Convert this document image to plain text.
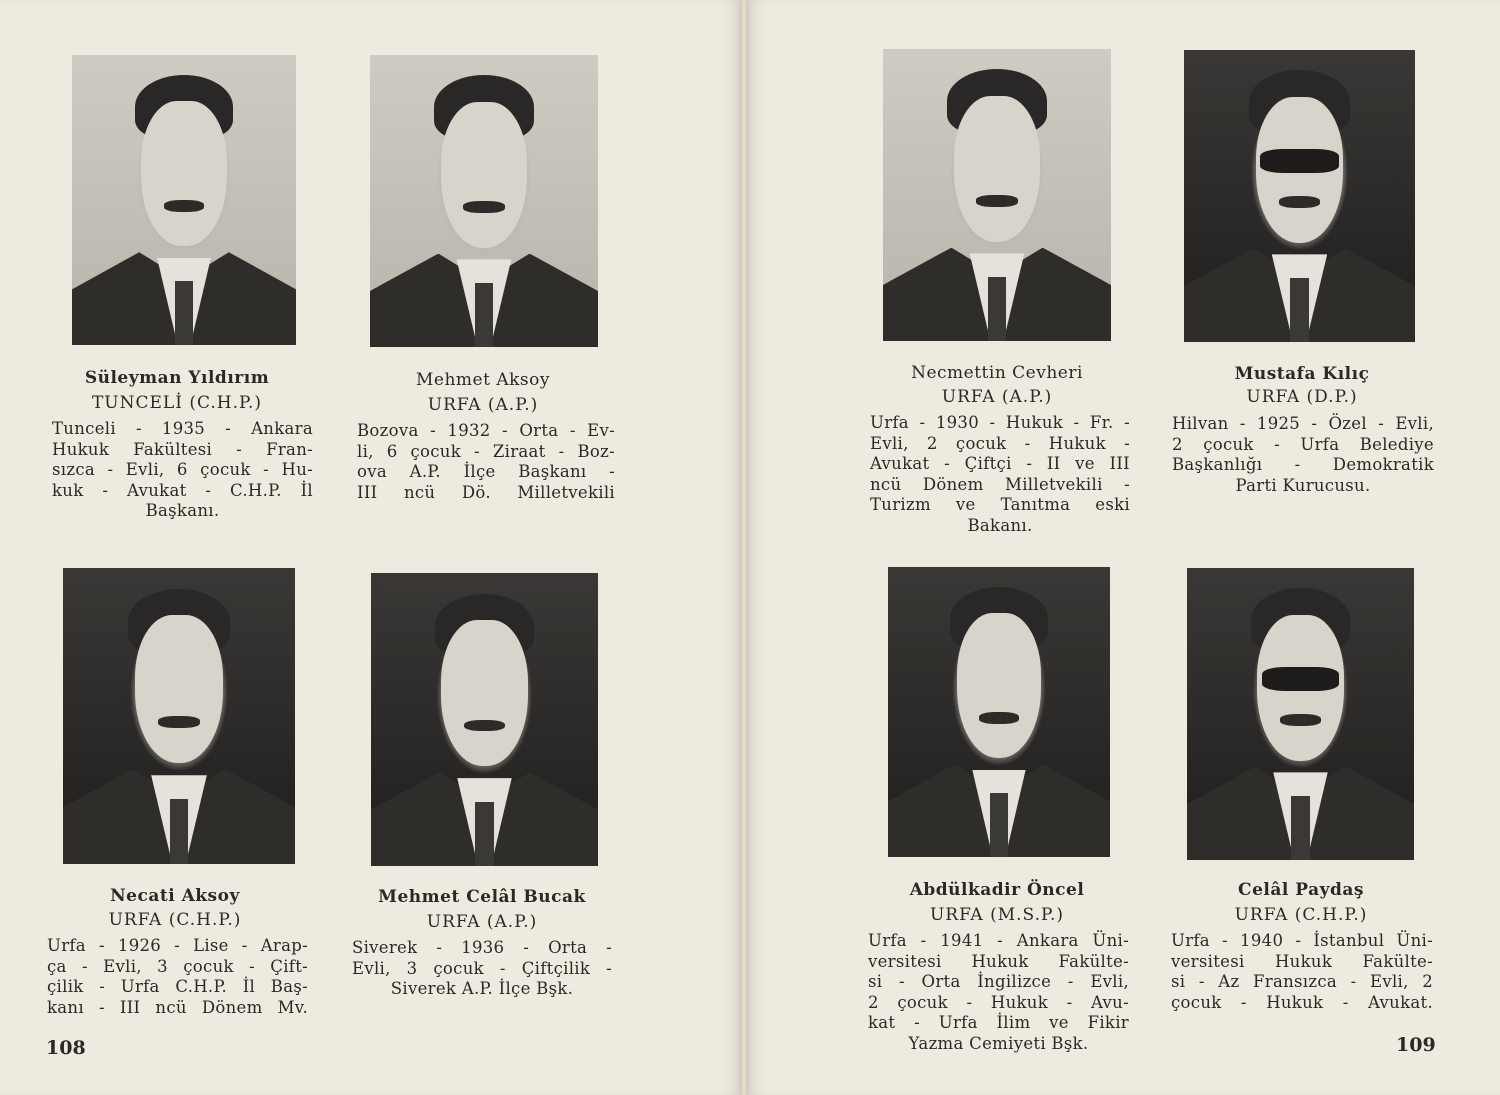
Süleyman Yıldırım
TUNCELİ (C.H.P.)
Tunceli - 1935 - Ankara
Hukuk Fakültesi - Fran-
sızca - Evli, 6 çocuk - Hu-
kuk - Avukat - C.H.P. İl
Başkanı.
Mehmet Aksoy
URFA (A.P.)
Bozova - 1932 - Orta - Ev-
li, 6 çocuk - Ziraat - Boz-
ova A.P. İlçe Başkanı -
III ncü Dö. Milletvekili
Necati Aksoy
URFA (C.H.P.)
Urfa - 1926 - Lise - Arap-
ça - Evli, 3 çocuk - Çift-
çilik - Urfa C.H.P. İl Baş-
kanı - III ncü Dönem Mv.
Mehmet Celâl Bucak
URFA (A.P.)
Siverek - 1936 - Orta -
Evli, 3 çocuk - Çiftçilik -
Siverek A.P. İlçe Bşk.
108
Necmettin Cevheri
URFA (A.P.)
Urfa - 1930 - Hukuk - Fr. -
Evli, 2 çocuk - Hukuk -
Avukat - Çiftçi - II ve III
ncü Dönem Milletvekili -
Turizm ve Tanıtma eski
Bakanı.
Mustafa Kılıç
URFA (D.P.)
Hilvan - 1925 - Özel - Evli,
2 çocuk - Urfa Belediye
Başkanlığı - Demokratik
Parti Kurucusu.
Abdülkadir Öncel
URFA (M.S.P.)
Urfa - 1941 - Ankara Üni-
versitesi Hukuk Fakülte-
si - Orta İngilizce - Evli,
2 çocuk - Hukuk - Avu-
kat - Urfa İlim ve Fikir
Yazma Cemiyeti Bşk.
Celâl Paydaş
URFA (C.H.P.)
Urfa - 1940 - İstanbul Üni-
versitesi Hukuk Fakülte-
si - Az Fransızca - Evli, 2
çocuk - Hukuk - Avukat.
109
